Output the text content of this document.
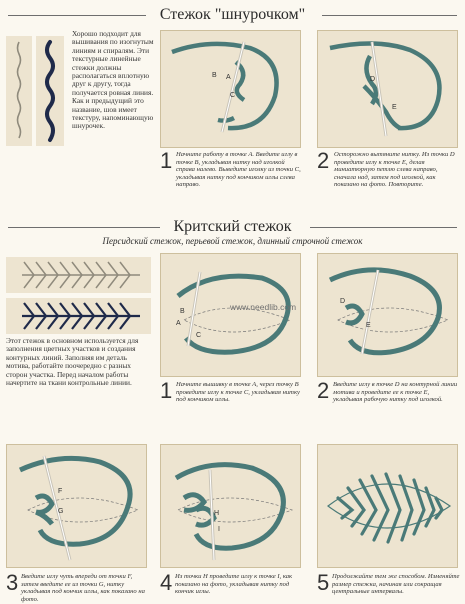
Стежок "шнурочком"
Хорошо подходит для вышивания по изогнутым линиям и спиралям. Эти текстурные линейные стежки должны располагаться вплотную друг к другу, тогда получается ровная линия. Как и предыдущий это название, шов имеет текстуру, напоминающую шнурочек.
B A
C
D
E
1 Начните работу в точке А. Введите иглу в точке В, укладывая нитку над иголкой справа налево. Выведите иголку из точки С, укладывая нитку под кончиком иглы слева направо.
2 Осторожно вытяните нитку. Из точки D проведите иглу к точке Е, делая миниатюрную петлю слева направо, сначала над, затем под иголкой, как показано на фото. Повторите.
Критский стежок
Персидский стежок, перьевой стежок, длинный строчной стежок
Этот стежок в основном используется для заполнения цветных участков и создания контурных линий. Заполняя им деталь мотива, работайте поочередно с разных сторон участка. Перед началом работы начертите на ткани контрольные линии.
A
B
C
D
E
F
G	H
I
www.needlib.com
1 Начните вышивку в точке А, через точку В проведите иглу к точке С, укладывая нитку под кончиком иглы.	2 Введите иглу в точке D на контурной линии мотива и проведите ее к точке Е, укладывая рабочую нитку под иголкой.
3 Введите иглу чуть впереди от точки F, затем введите ее из точки G, нитку укладывая под кончик иглы, как показано на фото.
4 Из точки Н проведите иглу к точке I, как показано на фото, укладывая нитку под кончик иглы.	5 Продолжайте тем же способом. Изменяйте размер стежка, начиная или сокращая центральные интервалы.
